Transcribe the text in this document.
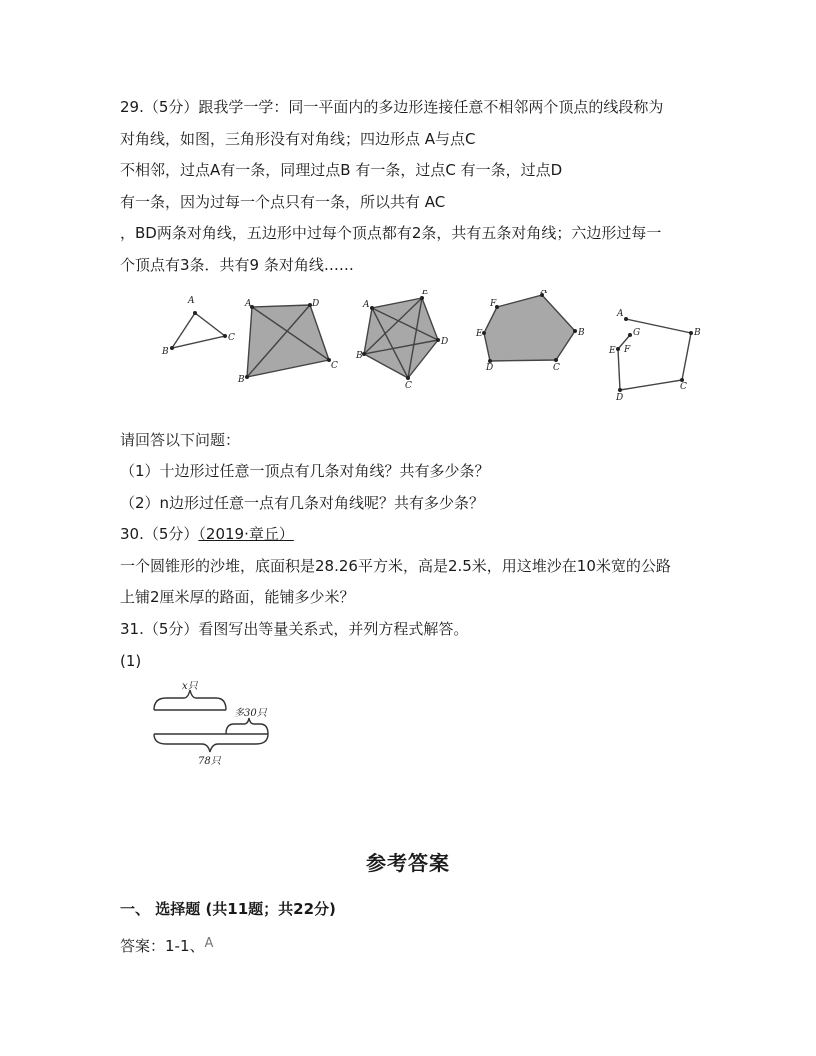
29.（5分）跟我学一学：同一平面内的多边形连接任意不相邻两个顶点的线段称为
对角线，如图，三角形没有对角线；四边形点 A与点C
不相邻，过点A有一条，同理过点B 有一条，过点C 有一条，过点D
有一条，因为过每一个点只有一条，所以共有 AC
，BD两条对角线，五边形中过每个顶点都有2条，共有五条对角线；六边形过每一
个顶点有3条．共有9 条对角线……
A
B
C
A	D
B
C
A
E
B
D
C
F
A
E	B
D	C
A
G	B
E F
D
C
请回答以下问题：
（1）十边形过任意一顶点有几条对角线？共有多少条？
（2）n边形过任意一点有几条对角线呢？共有多少条？
30.（5分）（2019·章丘）
一个圆锥形的沙堆，底面积是28.26平方米，高是2.5米，用这堆沙在10米宽的公路
上铺2厘米厚的路面，能铺多少米？
31.（5分）看图写出等量关系式，并列方程式解答。
(1)
x只
多30只
78只
参考答案
一、 选择题 (共11题；共22分)
答案：1-1、A
